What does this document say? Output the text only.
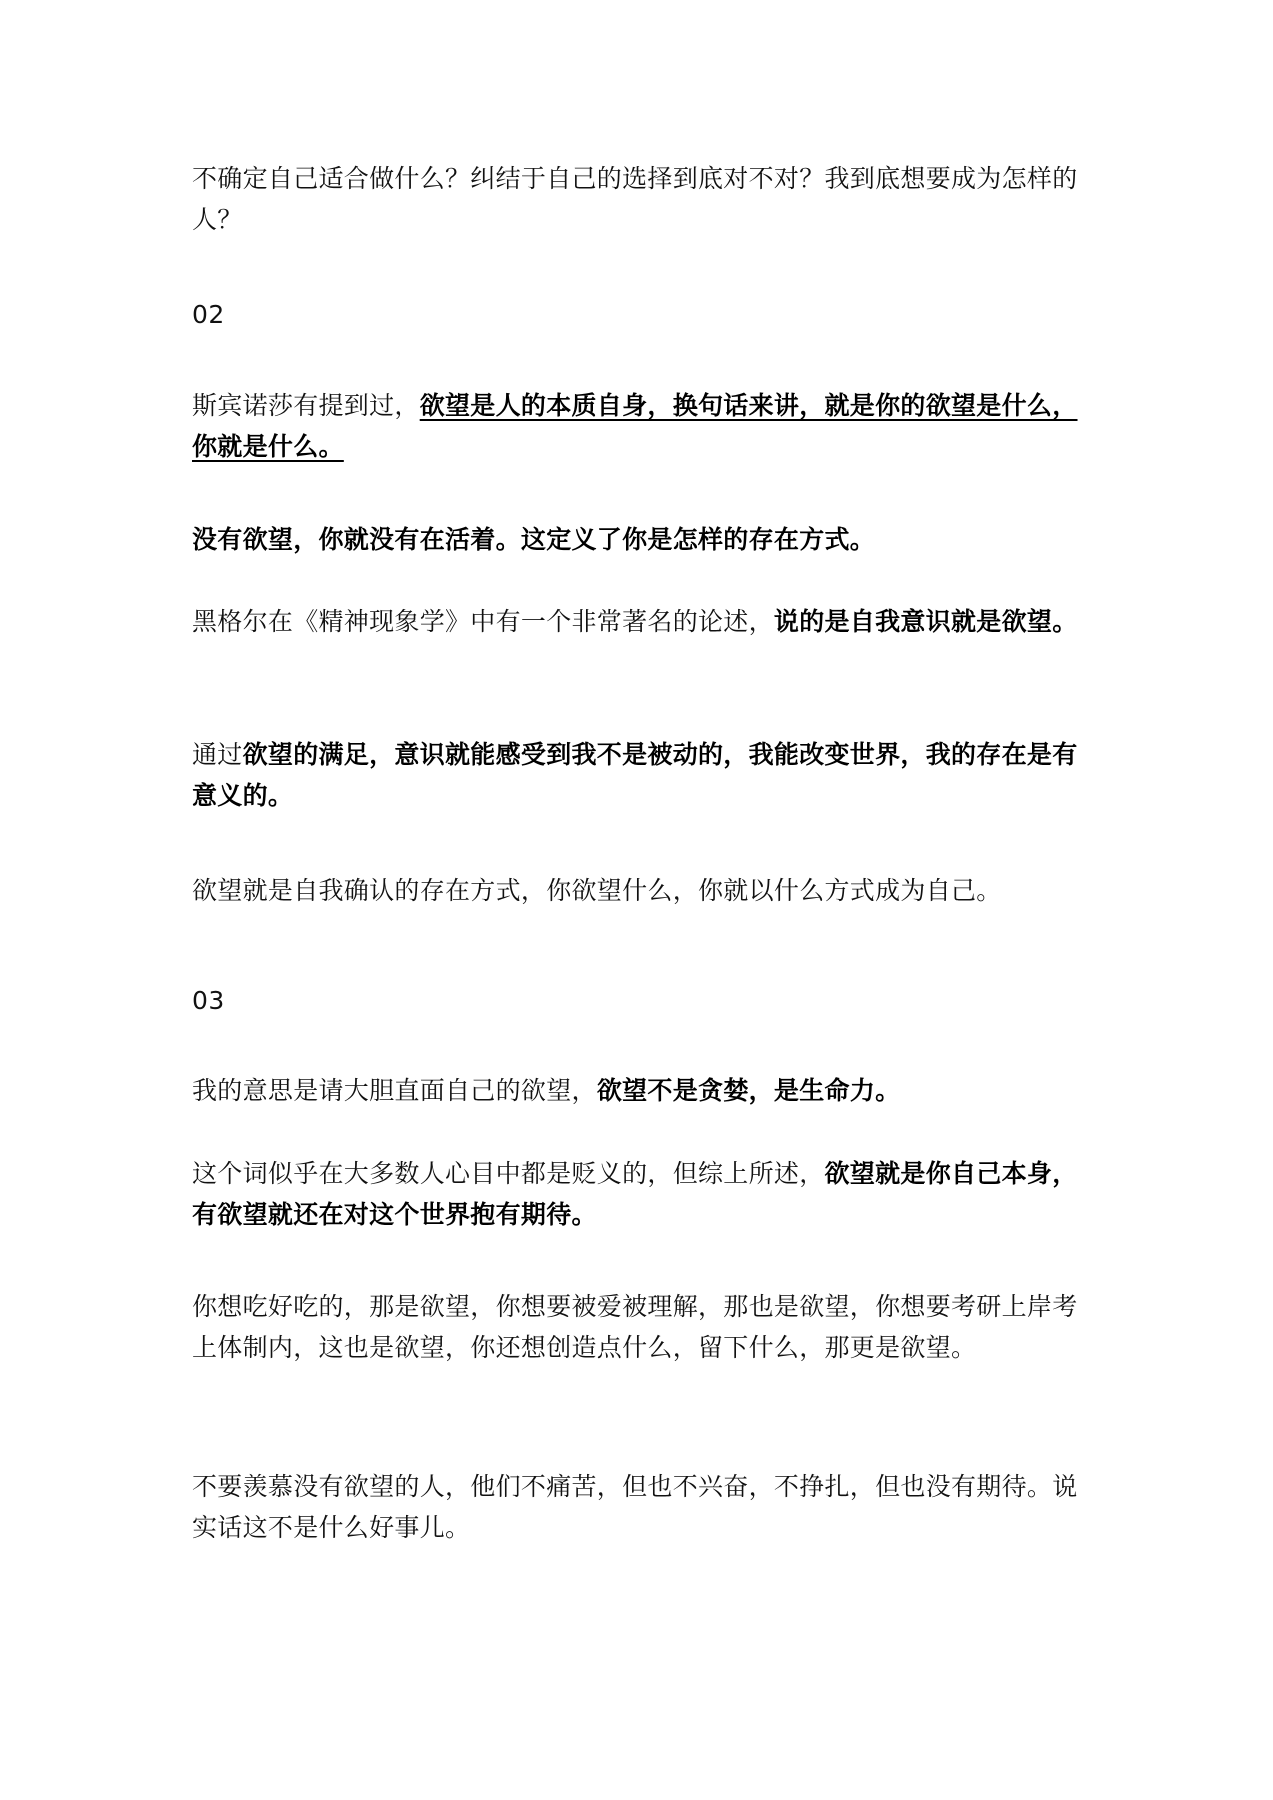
不确定自己适合做什么？纠结于自己的选择到底对不对？我到底想要成为怎样的人？

02

斯宾诺莎有提到过，欲望是人的本质自身，换句话来讲，就是你的欲望是什么，你就是什么。

没有欲望，你就没有在活着。这定义了你是怎样的存在方式。

黑格尔在《精神现象学》中有一个非常著名的论述，说的是自我意识就是欲望。

通过欲望的满足，意识就能感受到我不是被动的，我能改变世界，我的存在是有意义的。

欲望就是自我确认的存在方式，你欲望什么，你就以什么方式成为自己。

03

我的意思是请大胆直面自己的欲望，欲望不是贪婪，是生命力。

这个词似乎在大多数人心目中都是贬义的，但综上所述，欲望就是你自己本身，有欲望就还在对这个世界抱有期待。

你想吃好吃的，那是欲望，你想要被爱被理解，那也是欲望，你想要考研上岸考上体制内，这也是欲望，你还想创造点什么，留下什么，那更是欲望。

不要羡慕没有欲望的人，他们不痛苦，但也不兴奋，不挣扎，但也没有期待。说实话这不是什么好事儿。
